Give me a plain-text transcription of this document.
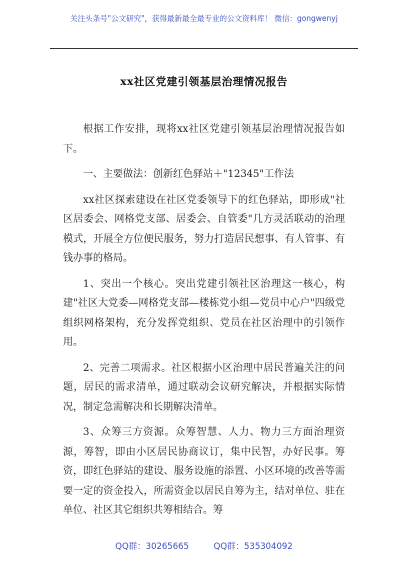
关注头条号"公文研究"，获得最新最全最专业的公文资料库！ 微信：gongwenyj
xx社区党建引领基层治理情况报告

根据工作安排，现将xx社区党建引领基层治理情况报告如下。

一、主要做法：创新红色驿站＋"12345"工作法

xx社区探索建设在社区党委领导下的红色驿站，即形成"社区居委会、网格党支部、居委会、自管委"几方灵活联动的治理模式，开展全方位便民服务，努力打造居民想事、有人管事、有钱办事的格局。

1、突出一个核心。突出党建引领社区治理这一核心，构建"社区大党委—网格党支部—楼栋党小组—党员中心户"四级党组织网格架构，充分发挥党组织、党员在社区治理中的引领作用。

2、完善二项需求。社区根据小区治理中居民普遍关注的问题，居民的需求清单，通过联动会议研究解决，并根据实际情况，制定急需解决和长期解决清单。

3、众筹三方资源。众筹智慧、人力、物力三方面治理资源，筹智，即由小区居民协商议订，集中民智，办好民事。筹资，即红色驿站的建设、服务设施的添置、小区环境的改善等需要一定的资金投入，所需资金以居民自筹为主，结对单位、驻在单位、社区其它组织共筹相结合。筹

QQ群：30265665	QQ群：535304092
